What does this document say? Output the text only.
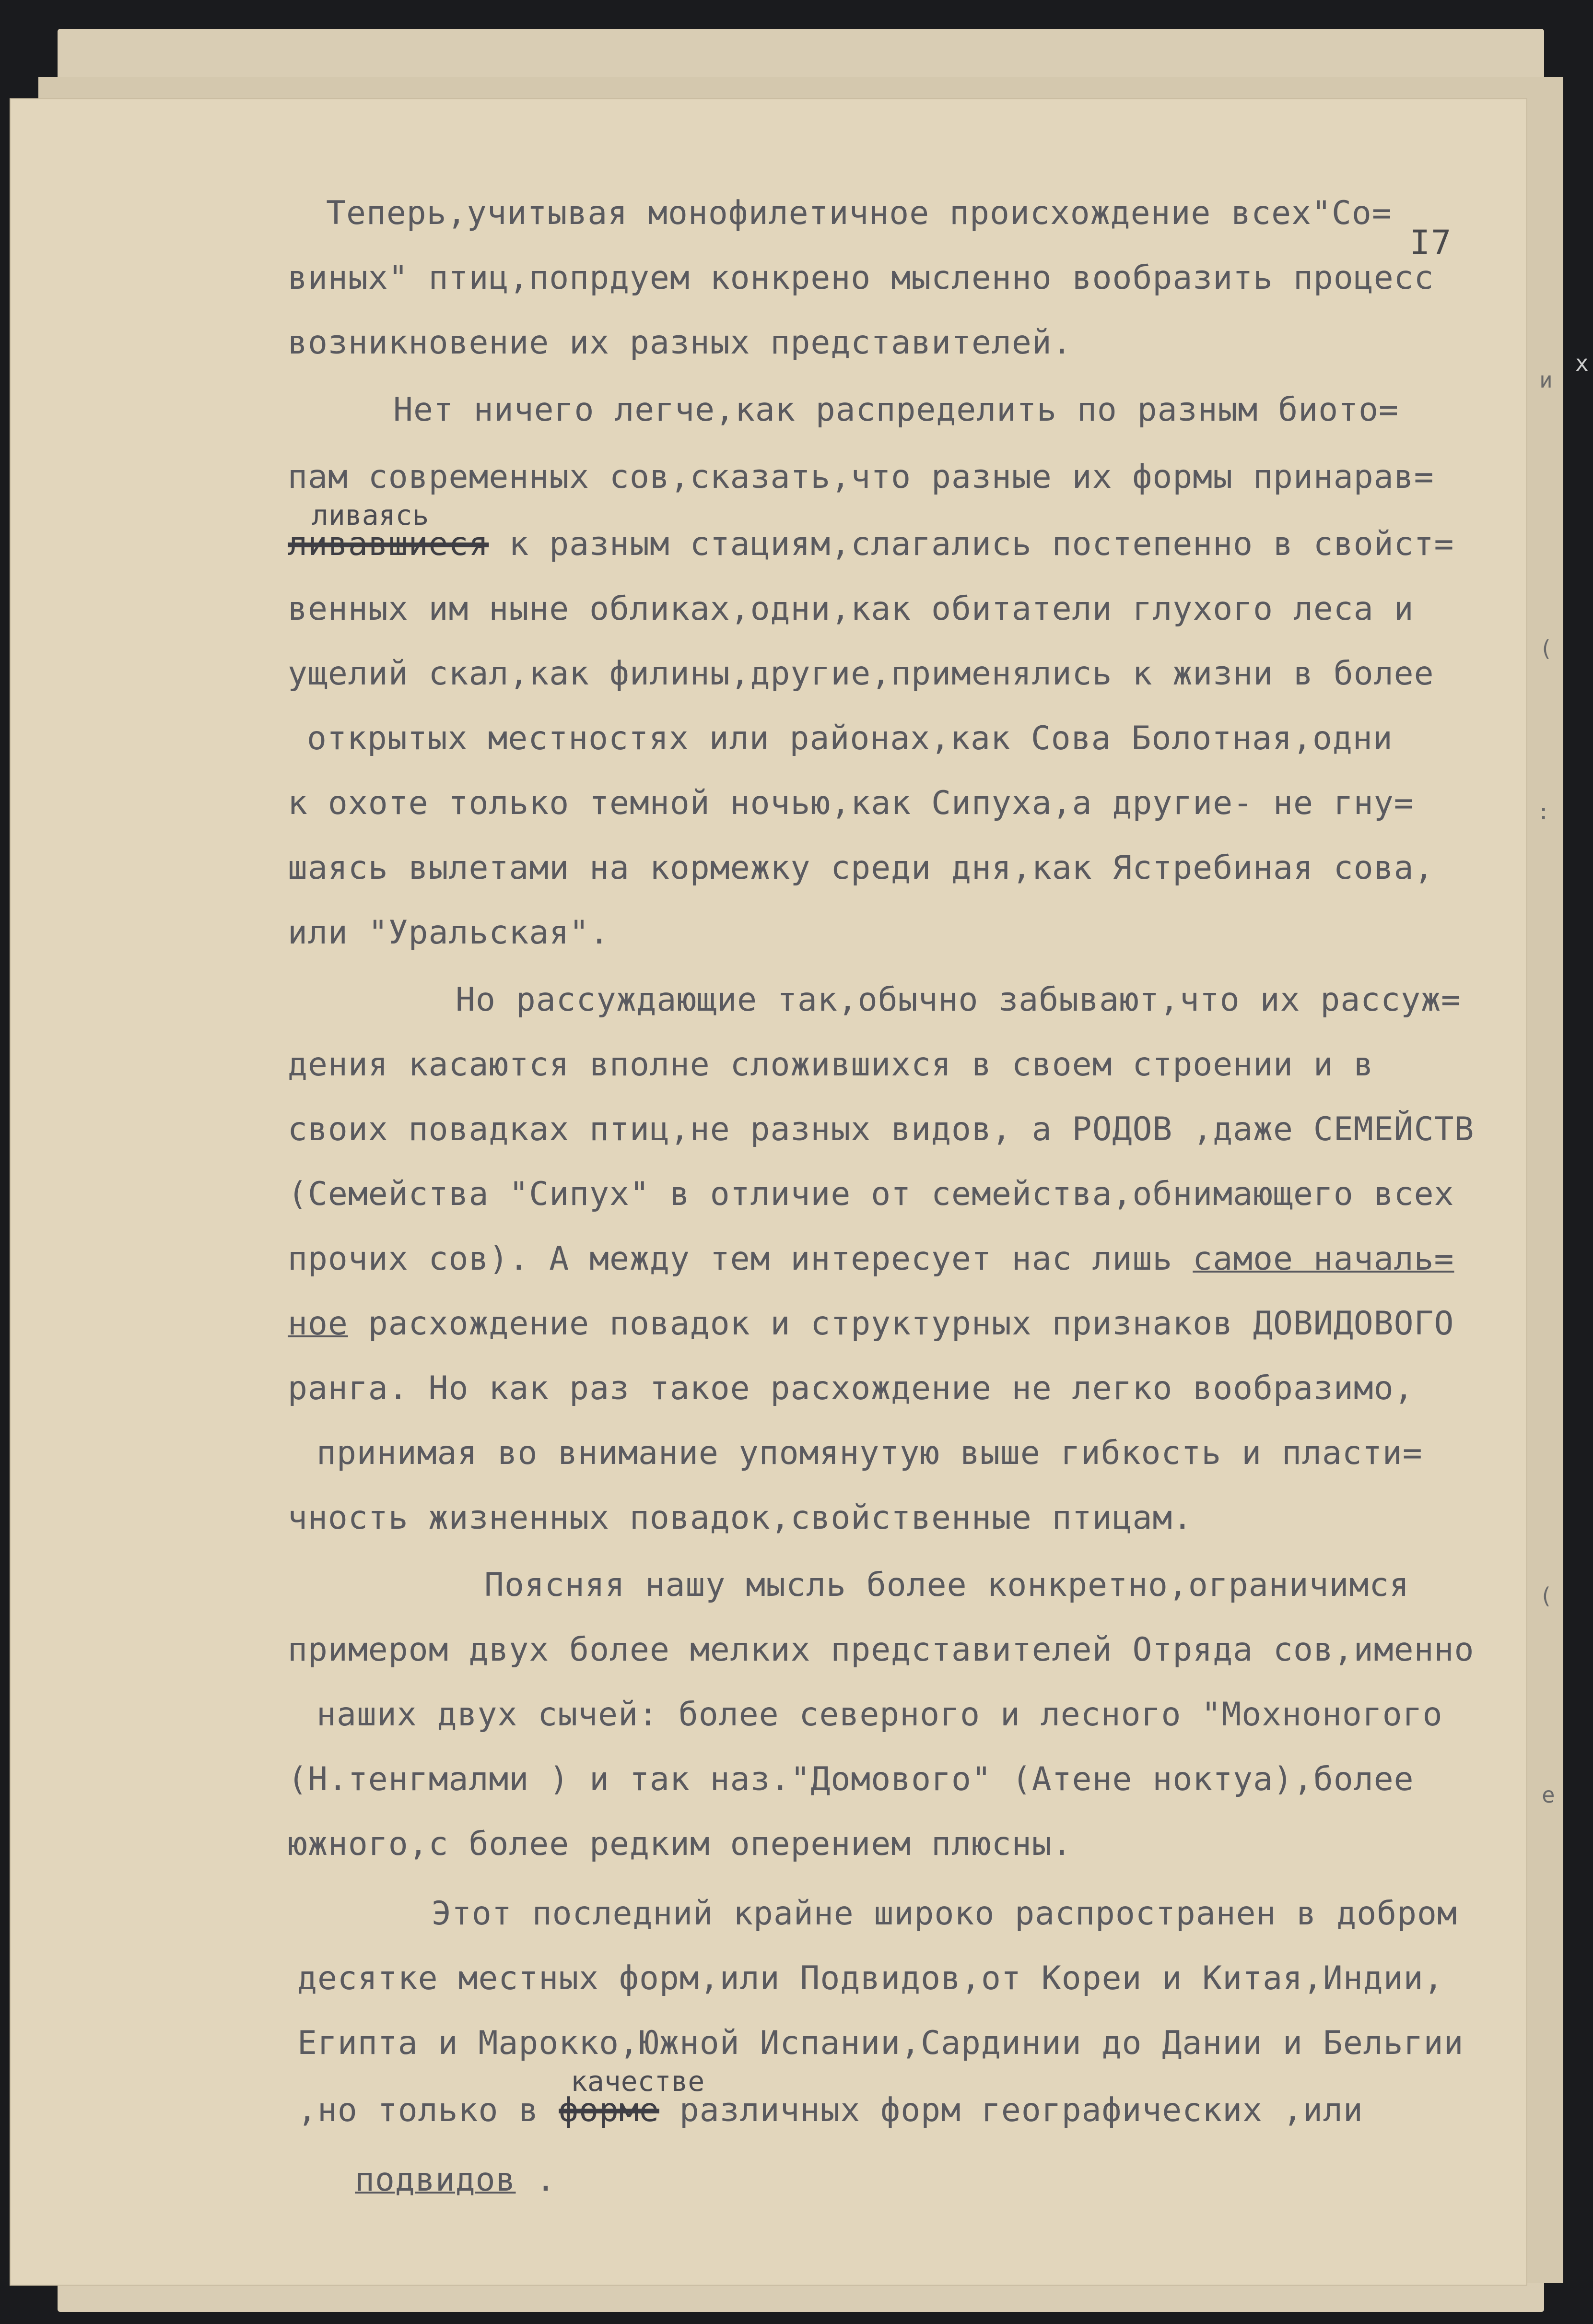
I7
Теперь,учитывая монофилетичное происхождение всех"Со=
виных" птиц,попрдуем конкрено мысленно вообразить процесс
возникновение их разных представителей.
Нет ничего легче,как распределить по разным биото=
пам современных сов,сказать,что разные их формы принарав=
ливаясь
ливавшиеся к разным стациям,слагались постепенно в свойст=
венных им ныне обликах,одни,как обитатели глухого леса и
ущелий скал,как филины,другие,применялись к жизни в более
открытых местностях или районах,как Сова Болотная,одни
к охоте только темной ночью,как Сипуха,а другие- не гну=
шаясь вылетами на кормежку среди дня,как Ястребиная сова,
или "Уральская".
Но рассуждающие так,обычно забывают,что их рассуж=
дения касаются вполне сложившихся в своем строении и в
своих повадках птиц,не разных видов, а РОДОВ ,даже СЕМЕЙСТВ
(Семейства "Сипух" в отличие от семейства,обнимающего всех
прочих сов). А между тем интересует нас лишь самое началь=
ное расхождение повадок и структурных признаков ДОВИДОВОГО
ранга. Но как раз такое расхождение не легко вообразимо,
принимая во внимание упомянутую выше гибкость и пласти=
чность жизненных повадок,свойственные птицам.
Поясняя нашу мысль более конкретно,ограничимся
примером двух более мелких представителей Отряда сов,именно
наших двух сычей: более северного и лесного "Мохноногого
(Н.тенгмалми ) и так наз."Домового" (Атене ноктуа),более
южного,с более редким оперением плюсны.
Этот последний крайне широко распространен в добром
десятке местных форм,или Подвидов,от Кореи и Китая,Индии,
Египта и Марокко,Южной Испании,Сардинии до Дании и Бельгии
качестве
,но только в форме различных форм географических ,или
подвидов .
х
и
(
:
(
е
